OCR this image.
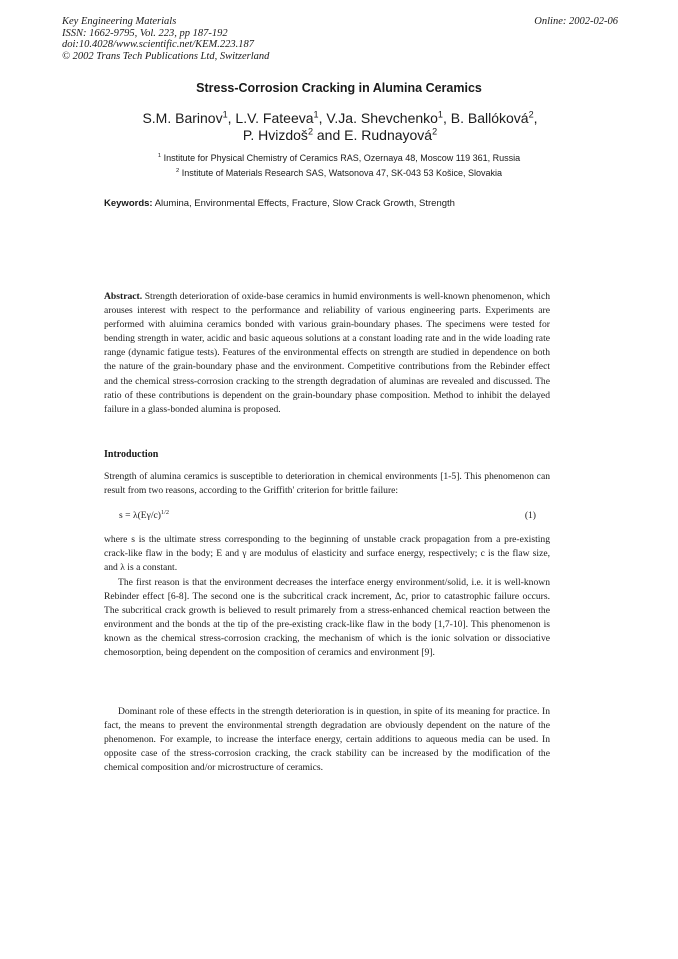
Key Engineering Materials
ISSN: 1662-9795, Vol. 223, pp 187-192
doi:10.4028/www.scientific.net/KEM.223.187
© 2002 Trans Tech Publications Ltd, Switzerland
Online: 2002-02-06
Stress-Corrosion Cracking in Alumina Ceramics
S.M. Barinov$^1$, L.V. Fateeva$^1$, V.Ja. Shevchenko$^1$, B. Ballóková$^2$,
P. Hvizdoš$^2$ and E. Rudnayová$^2$
$^1$ Institute for Physical Chemistry of Ceramics RAS, Ozernaya 48, Moscow 119 361, Russia
$^2$ Institute of Materials Research SAS, Watsonova 47, SK-043 53 Košice, Slovakia
Keywords: Alumina, Environmental Effects, Fracture, Slow Crack Growth, Strength
Abstract. Strength deterioration of oxide-base ceramics in humid environments is well-known phenomenon, which arouses interest with respect to the performance and reliability of various engineering parts. Experiments are performed with aluimina ceramics bonded with various grain-boundary phases. The specimens were tested for bending strength in water, acidic and basic aqueous solutions at a constant loading rate and in the wide loading rate range (dynamic fatigue tests). Features of the environmental effects on strength are studied in dependence on both the nature of the grain-boundary phase and the environment. Competitive contributions from the Rebinder effect and the chemical stress-corrosion cracking to the strength degradation of aluminas are revealed and discussed. The ratio of these contributions is dependent on the grain-boundary phase composition. Method to inhibit the delayed failure in a glass-bonded alumina is proposed.
Introduction
Strength of alumina ceramics is susceptible to deterioration in chemical environments [1-5]. This phenomenon can result from two reasons, according to the Griffith' criterion for brittle failure:
$s = \lambda(E\gamma/c)^{1/2}$	(1)
where s is the ultimate stress corresponding to the beginning of unstable crack propagation from a pre-existing crack-like flaw in the body; E and γ are modulus of elasticity and surface energy, respectively; c is the flaw size, and λ is a constant.
The first reason is that the environment decreases the interface energy environment/solid, i.e. it is well-known Rebinder effect [6-8]. The second one is the subcritical crack increment, Δc, prior to catastrophic failure occurs. The subcritical crack growth is believed to result primarely from a stress-enhanced chemical reaction between the environment and the bonds at the tip of the pre-existing crack-like flaw in the body [1,7-10]. This phenomenon is known as the chemical stress-corrosion cracking, the mechanism of which is the ionic solvation or dissociative chemosorption, being dependent on the composition of ceramics and environment [9].
Dominant role of these effects in the strength deterioration is in question, in spite of its meaning for practice. In fact, the means to prevent the environmental strength degradation are obviously dependent on the nature of the phenomenon. For example, to increase the interface energy, certain additions to aqueous media can be used. In opposite case of the stress-corrosion cracking, the crack stability can be increased by the modification of the chemical composition and/or microstructure of ceramics.
